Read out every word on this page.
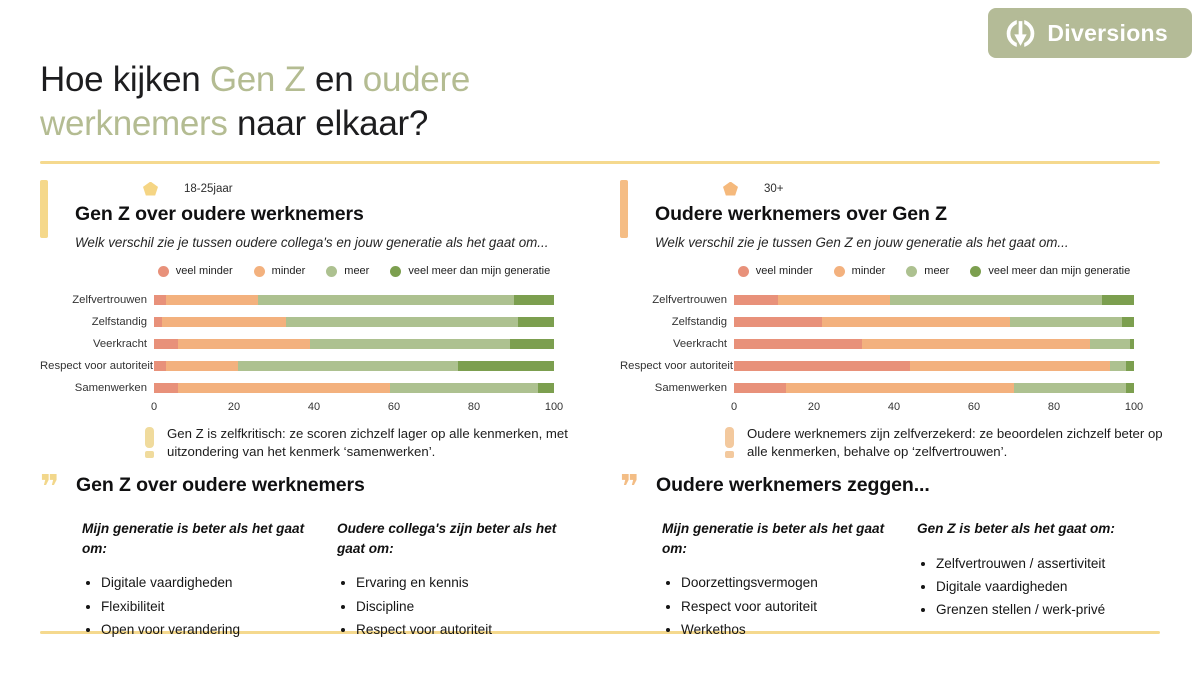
Diversions
Hoe kijken Gen Z en oudere
werknemers naar elkaar?
18-25jaar
Gen Z over oudere werknemers
Welk verschil zie je tussen oudere collega's en jouw generatie als het gaat om...
veel minder	minder	meer	veel meer dan mijn generatie
Zelfvertrouwen
Zelfstandig
Veerkracht
Respect voor autoriteit
Samenwerken
0	20	40	60	80	100
Gen Z is zelfkritisch: ze scoren zichzelf lager op alle kenmerken, met uitzondering van het kenmerk ‘samenwerken’.
30+
Oudere werknemers over Gen Z
Welk verschil zie je tussen Gen Z en jouw generatie als het gaat om...
veel minder	minder	meer	veel meer dan mijn generatie
Zelfvertrouwen
Zelfstandig
Veerkracht
Respect voor autoriteit
Samenwerken
0	20	40	60	80	100
Oudere werknemers zijn zelfverzekerd: ze beoordelen zichzelf beter op alle kenmerken, behalve op ‘zelfvertrouwen’.
❞ Gen Z over oudere werknemers
Mijn generatie is beter als het gaat om:
• Digitale vaardigheden
• Flexibiliteit
• Open voor verandering
Oudere collega's zijn beter als het gaat om:
• Ervaring en kennis
• Discipline
• Respect voor autoriteit
❞ Oudere werknemers zeggen...
Mijn generatie is beter als het gaat om:
• Doorzettingsvermogen
• Respect voor autoriteit
• Werkethos
Gen Z is beter als het gaat om:
• Zelfvertrouwen / assertiviteit
• Digitale vaardigheden
• Grenzen stellen / werk-privé
